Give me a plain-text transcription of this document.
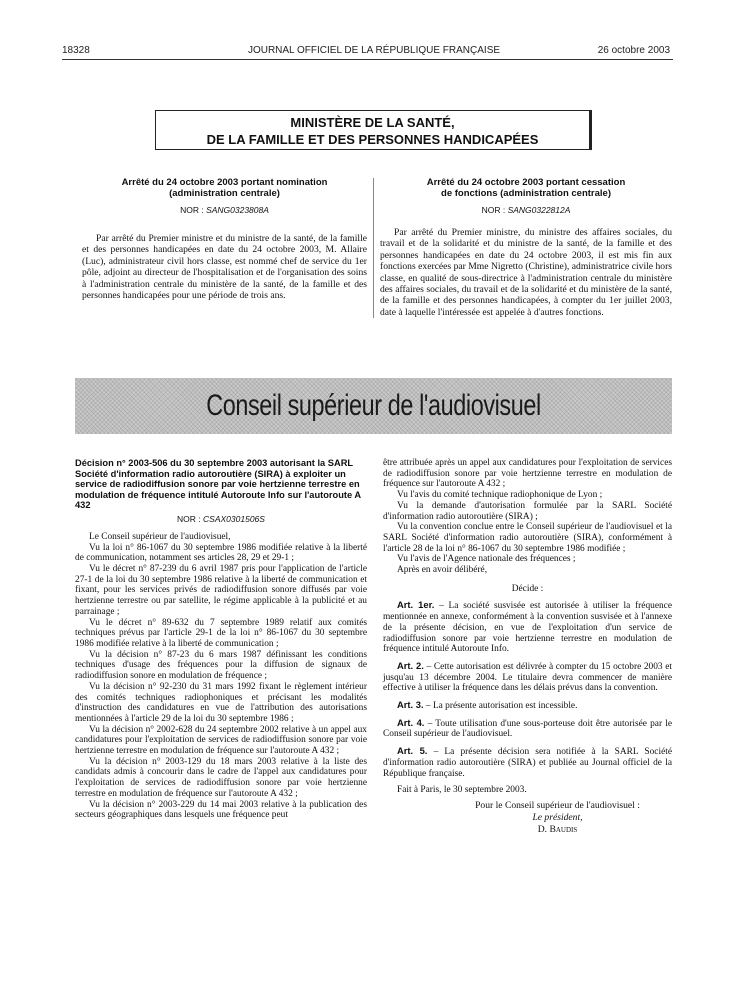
18328	JOURNAL OFFICIEL DE LA RÉPUBLIQUE FRANÇAISE	26 octobre 2003
MINISTÈRE DE LA SANTÉ,
DE LA FAMILLE ET DES PERSONNES HANDICAPÉES
Arrêté du 24 octobre 2003 portant nomination
(administration centrale)
NOR : SANG0323808A

Par arrêté du Premier ministre et du ministre de la santé, de la famille et des personnes handicapées en date du 24 octobre 2003, M. Allaire (Luc), administrateur civil hors classe, est nommé chef de service du 1er pôle, adjoint au directeur de l'hospitalisation et de l'organisation des soins à l'administration centrale du ministère de la santé, de la famille et des personnes handicapées pour une période de trois ans.

Arrêté du 24 octobre 2003 portant cessation
de fonctions (administration centrale)
NOR : SANG0322812A

Par arrêté du Premier ministre, du ministre des affaires sociales, du travail et de la solidarité et du ministre de la santé, de la famille et des personnes handicapées en date du 24 octobre 2003, il est mis fin aux fonctions exercées par Mme Nigretto (Christine), administratrice civile hors classe, en qualité de sous-directrice à l'administration centrale du ministère des affaires sociales, du travail et de la solidarité et du ministère de la santé, de la famille et des personnes handicapées, à compter du 1er juillet 2003, date à laquelle l'intéressée est appelée à d'autres fonctions.

Conseil supérieur de l'audiovisuel
Décision n° 2003-506 du 30 septembre 2003 autorisant la SARL Société d'information radio autoroutière (SIRA) à exploiter un service de radiodiffusion sonore par voie hertzienne terrestre en modulation de fréquence intitulé Autoroute Info sur l'autoroute A 432
NOR : CSAX0301506S

Le Conseil supérieur de l'audiovisuel,

Vu la loi n° 86-1067 du 30 septembre 1986 modifiée relative à la liberté de communication, notamment ses articles 28, 29 et 29-1 ;

Vu le décret n° 87-239 du 6 avril 1987 pris pour l'application de l'article 27-1 de la loi du 30 septembre 1986 relative à la liberté de communication et fixant, pour les services privés de radiodiffusion sonore diffusés par voie hertzienne terrestre ou par satellite, le régime applicable à la publicité et au parrainage ;

Vu le décret n° 89-632 du 7 septembre 1989 relatif aux comités techniques prévus par l'article 29-1 de la loi n° 86-1067 du 30 septembre 1986 modifiée relative à la liberté de communication ;

Vu la décision n° 87-23 du 6 mars 1987 définissant les conditions techniques d'usage des fréquences pour la diffusion de signaux de radiodiffusion sonore en modulation de fréquence ;

Vu la décision n° 92-230 du 31 mars 1992 fixant le règlement intérieur des comités techniques radiophoniques et précisant les modalités d'instruction des candidatures en vue de l'attribution des autorisations mentionnées à l'article 29 de la loi du 30 septembre 1986 ;

Vu la décision n° 2002-628 du 24 septembre 2002 relative à un appel aux candidatures pour l'exploitation de services de radiodiffusion sonore par voie hertzienne terrestre en modulation de fréquence sur l'autoroute A 432 ;

Vu la décision n° 2003-129 du 18 mars 2003 relative à la liste des candidats admis à concourir dans le cadre de l'appel aux candidatures pour l'exploitation de services de radiodiffusion sonore par voie hertzienne terrestre en modulation de fréquence sur l'autoroute A 432 ;

Vu la décision n° 2003-229 du 14 mai 2003 relative à la publication des secteurs géographiques dans lesquels une fréquence peut

être attribuée après un appel aux candidatures pour l'exploitation de services de radiodiffusion sonore par voie hertzienne terrestre en modulation de fréquence sur l'autoroute A 432 ;

Vu l'avis du comité technique radiophonique de Lyon ;

Vu la demande d'autorisation formulée par la SARL Société d'information radio autoroutière (SIRA) ;

Vu la convention conclue entre le Conseil supérieur de l'audiovisuel et la SARL Société d'information radio autoroutière (SIRA), conformément à l'article 28 de la loi n° 86-1067 du 30 septembre 1986 modifiée ;

Vu l'avis de l'Agence nationale des fréquences ;

Après en avoir délibéré,

Décide :

Art. 1er. – La société susvisée est autorisée à utiliser la fréquence mentionnée en annexe, conformément à la convention susvisée et à l'annexe de la présente décision, en vue de l'exploitation d'un service de radiodiffusion sonore par voie hertzienne terrestre en modulation de fréquence intitulé Autoroute Info.

Art. 2. – Cette autorisation est délivrée à compter du 15 octobre 2003 et jusqu'au 13 décembre 2004. Le titulaire devra commencer de manière effective à utiliser la fréquence dans les délais prévus dans la convention.

Art. 3. – La présente autorisation est incessible.

Art. 4. – Toute utilisation d'une sous-porteuse doit être autorisée par le Conseil supérieur de l'audiovisuel.

Art. 5. – La présente décision sera notifiée à la SARL Société d'information radio autoroutière (SIRA) et publiée au Journal officiel de la République française.

Fait à Paris, le 30 septembre 2003.

Pour le Conseil supérieur de l'audiovisuel :
Le président,
D. Baudis
